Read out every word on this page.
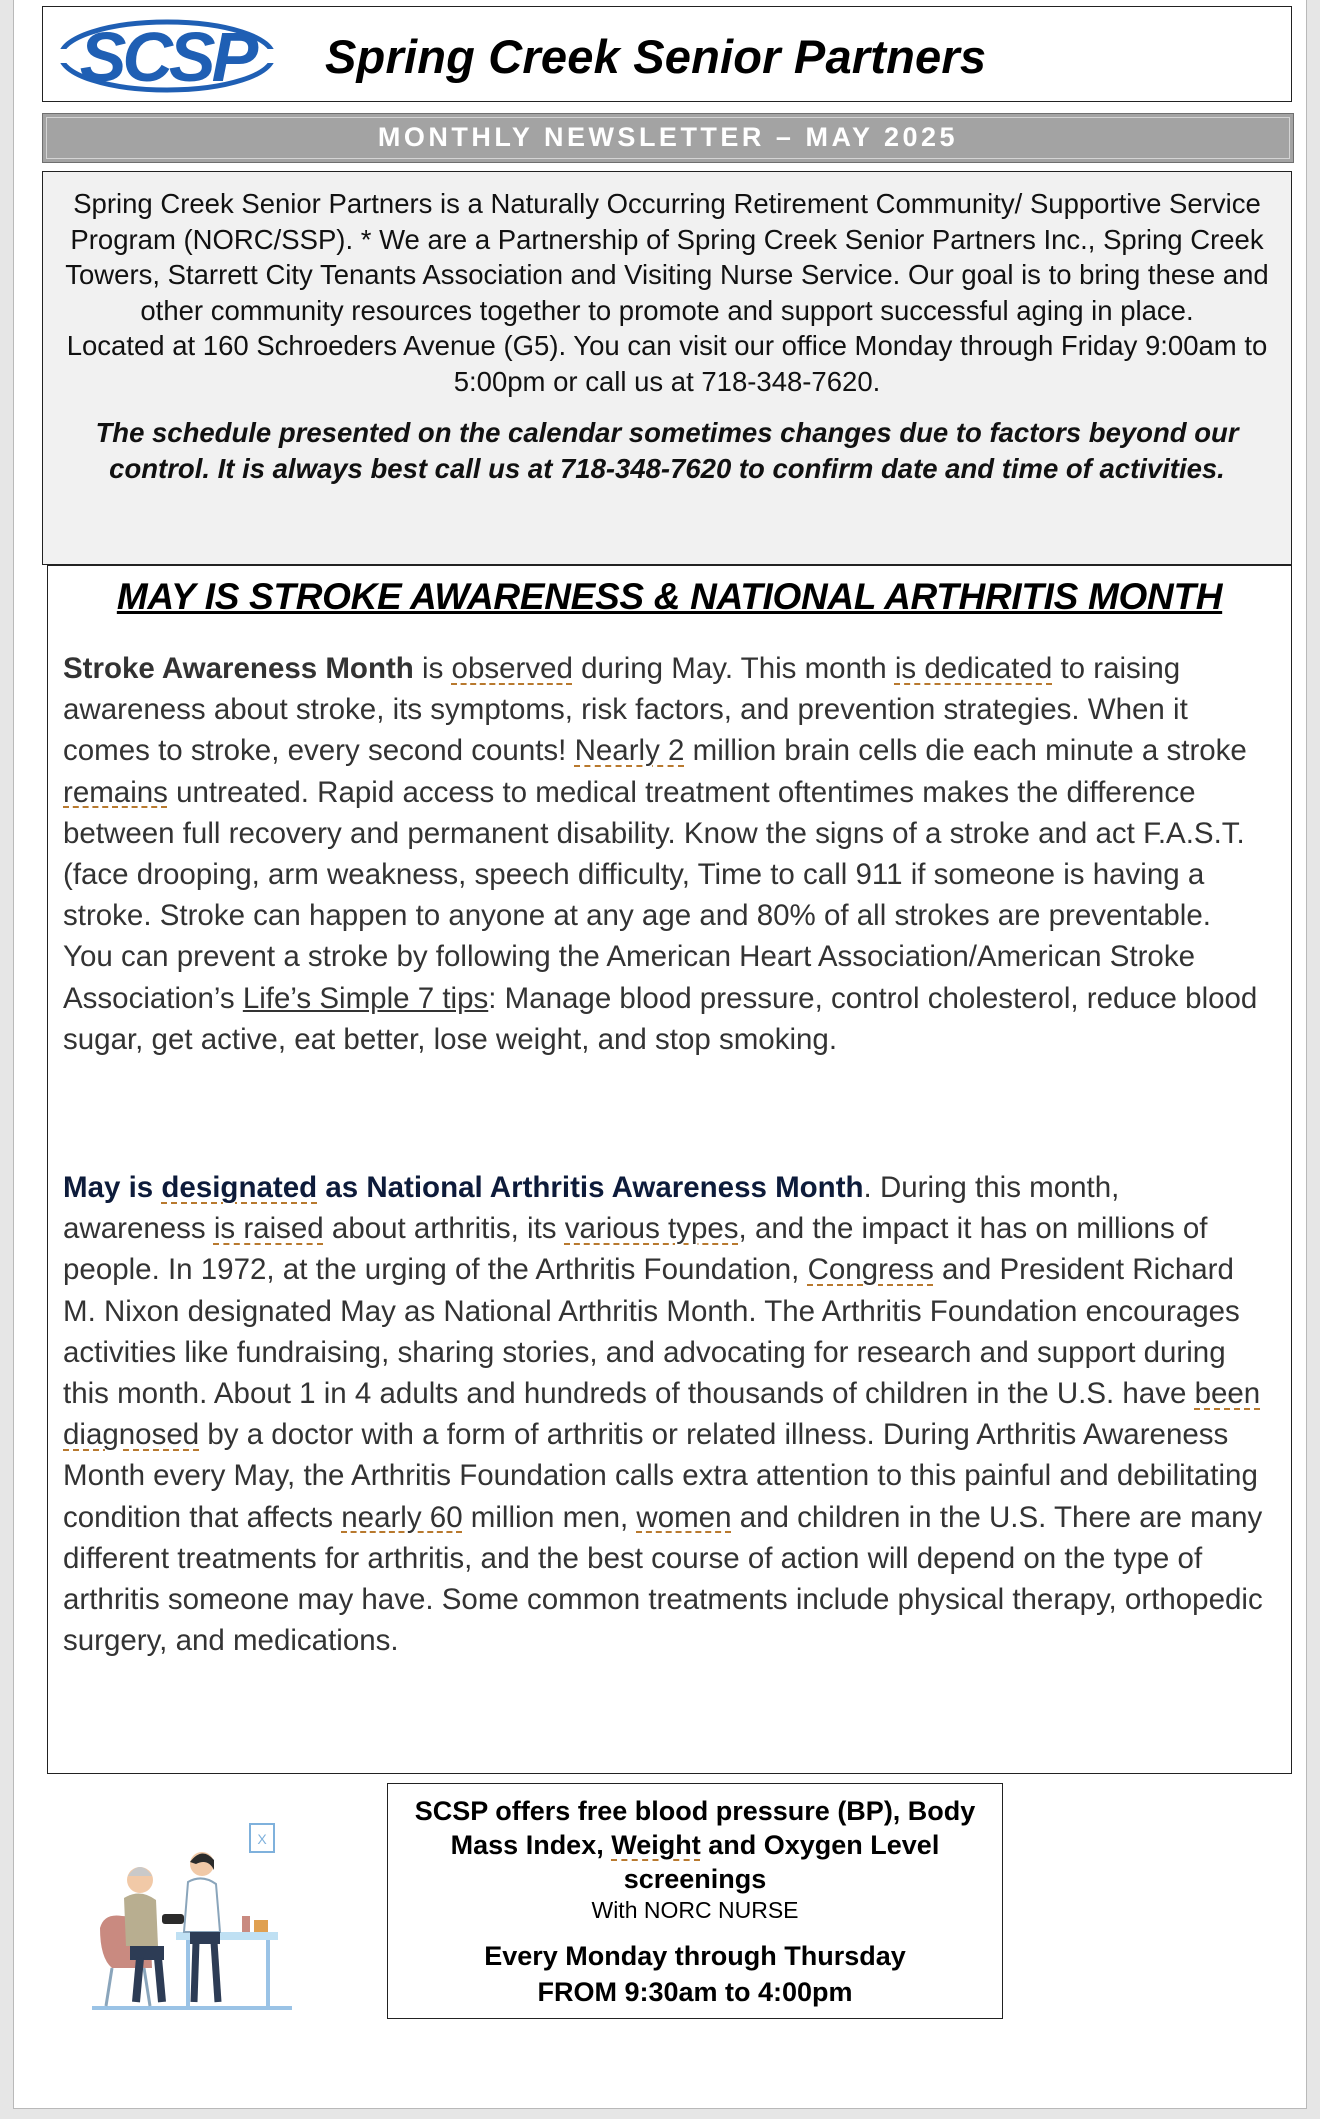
SCSP Spring Creek Senior Partners
MONTHLY NEWSLETTER – MAY 2025
Spring Creek Senior Partners is a Naturally Occurring Retirement Community/ Supportive Service Program (NORC/SSP). * We are a Partnership of Spring Creek Senior Partners Inc., Spring Creek Towers, Starrett City Tenants Association and Visiting Nurse Service. Our goal is to bring these and other community resources together to promote and support successful aging in place.
Located at 160 Schroeders Avenue (G5). You can visit our office Monday through Friday 9:00am to 5:00pm or call us at 718-348-7620.
The schedule presented on the calendar sometimes changes due to factors beyond our control. It is always best call us at 718-348-7620 to confirm date and time of activities.
MAY IS STROKE AWARENESS & NATIONAL ARTHRITIS MONTH
Stroke Awareness Month is observed during May. This month is dedicated to raising awareness about stroke, its symptoms, risk factors, and prevention strategies. When it comes to stroke, every second counts! Nearly 2 million brain cells die each minute a stroke remains untreated. Rapid access to medical treatment oftentimes makes the difference between full recovery and permanent disability. Know the signs of a stroke and act F.A.S.T. (face drooping, arm weakness, speech difficulty, Time to call 911 if someone is having a stroke. Stroke can happen to anyone at any age and 80% of all strokes are preventable. You can prevent a stroke by following the American Heart Association/American Stroke Association’s Life’s Simple 7 tips: Manage blood pressure, control cholesterol, reduce blood sugar, get active, eat better, lose weight, and stop smoking.
May is designated as National Arthritis Awareness Month. During this month, awareness is raised about arthritis, its various types, and the impact it has on millions of people. In 1972, at the urging of the Arthritis Foundation, Congress and President Richard M. Nixon designated May as National Arthritis Month. The Arthritis Foundation encourages activities like fundraising, sharing stories, and advocating for research and support during this month. About 1 in 4 adults and hundreds of thousands of children in the U.S. have been diagnosed by a doctor with a form of arthritis or related illness. During Arthritis Awareness Month every May, the Arthritis Foundation calls extra attention to this painful and debilitating condition that affects nearly 60 million men, women and children in the U.S. There are many different treatments for arthritis, and the best course of action will depend on the type of arthritis someone may have. Some common treatments include physical therapy, orthopedic surgery, and medications.
X
SCSP offers free blood pressure (BP), Body Mass Index, Weight and Oxygen Level screenings
With NORC NURSE
Every Monday through Thursday
FROM 9:30am to 4:00pm
